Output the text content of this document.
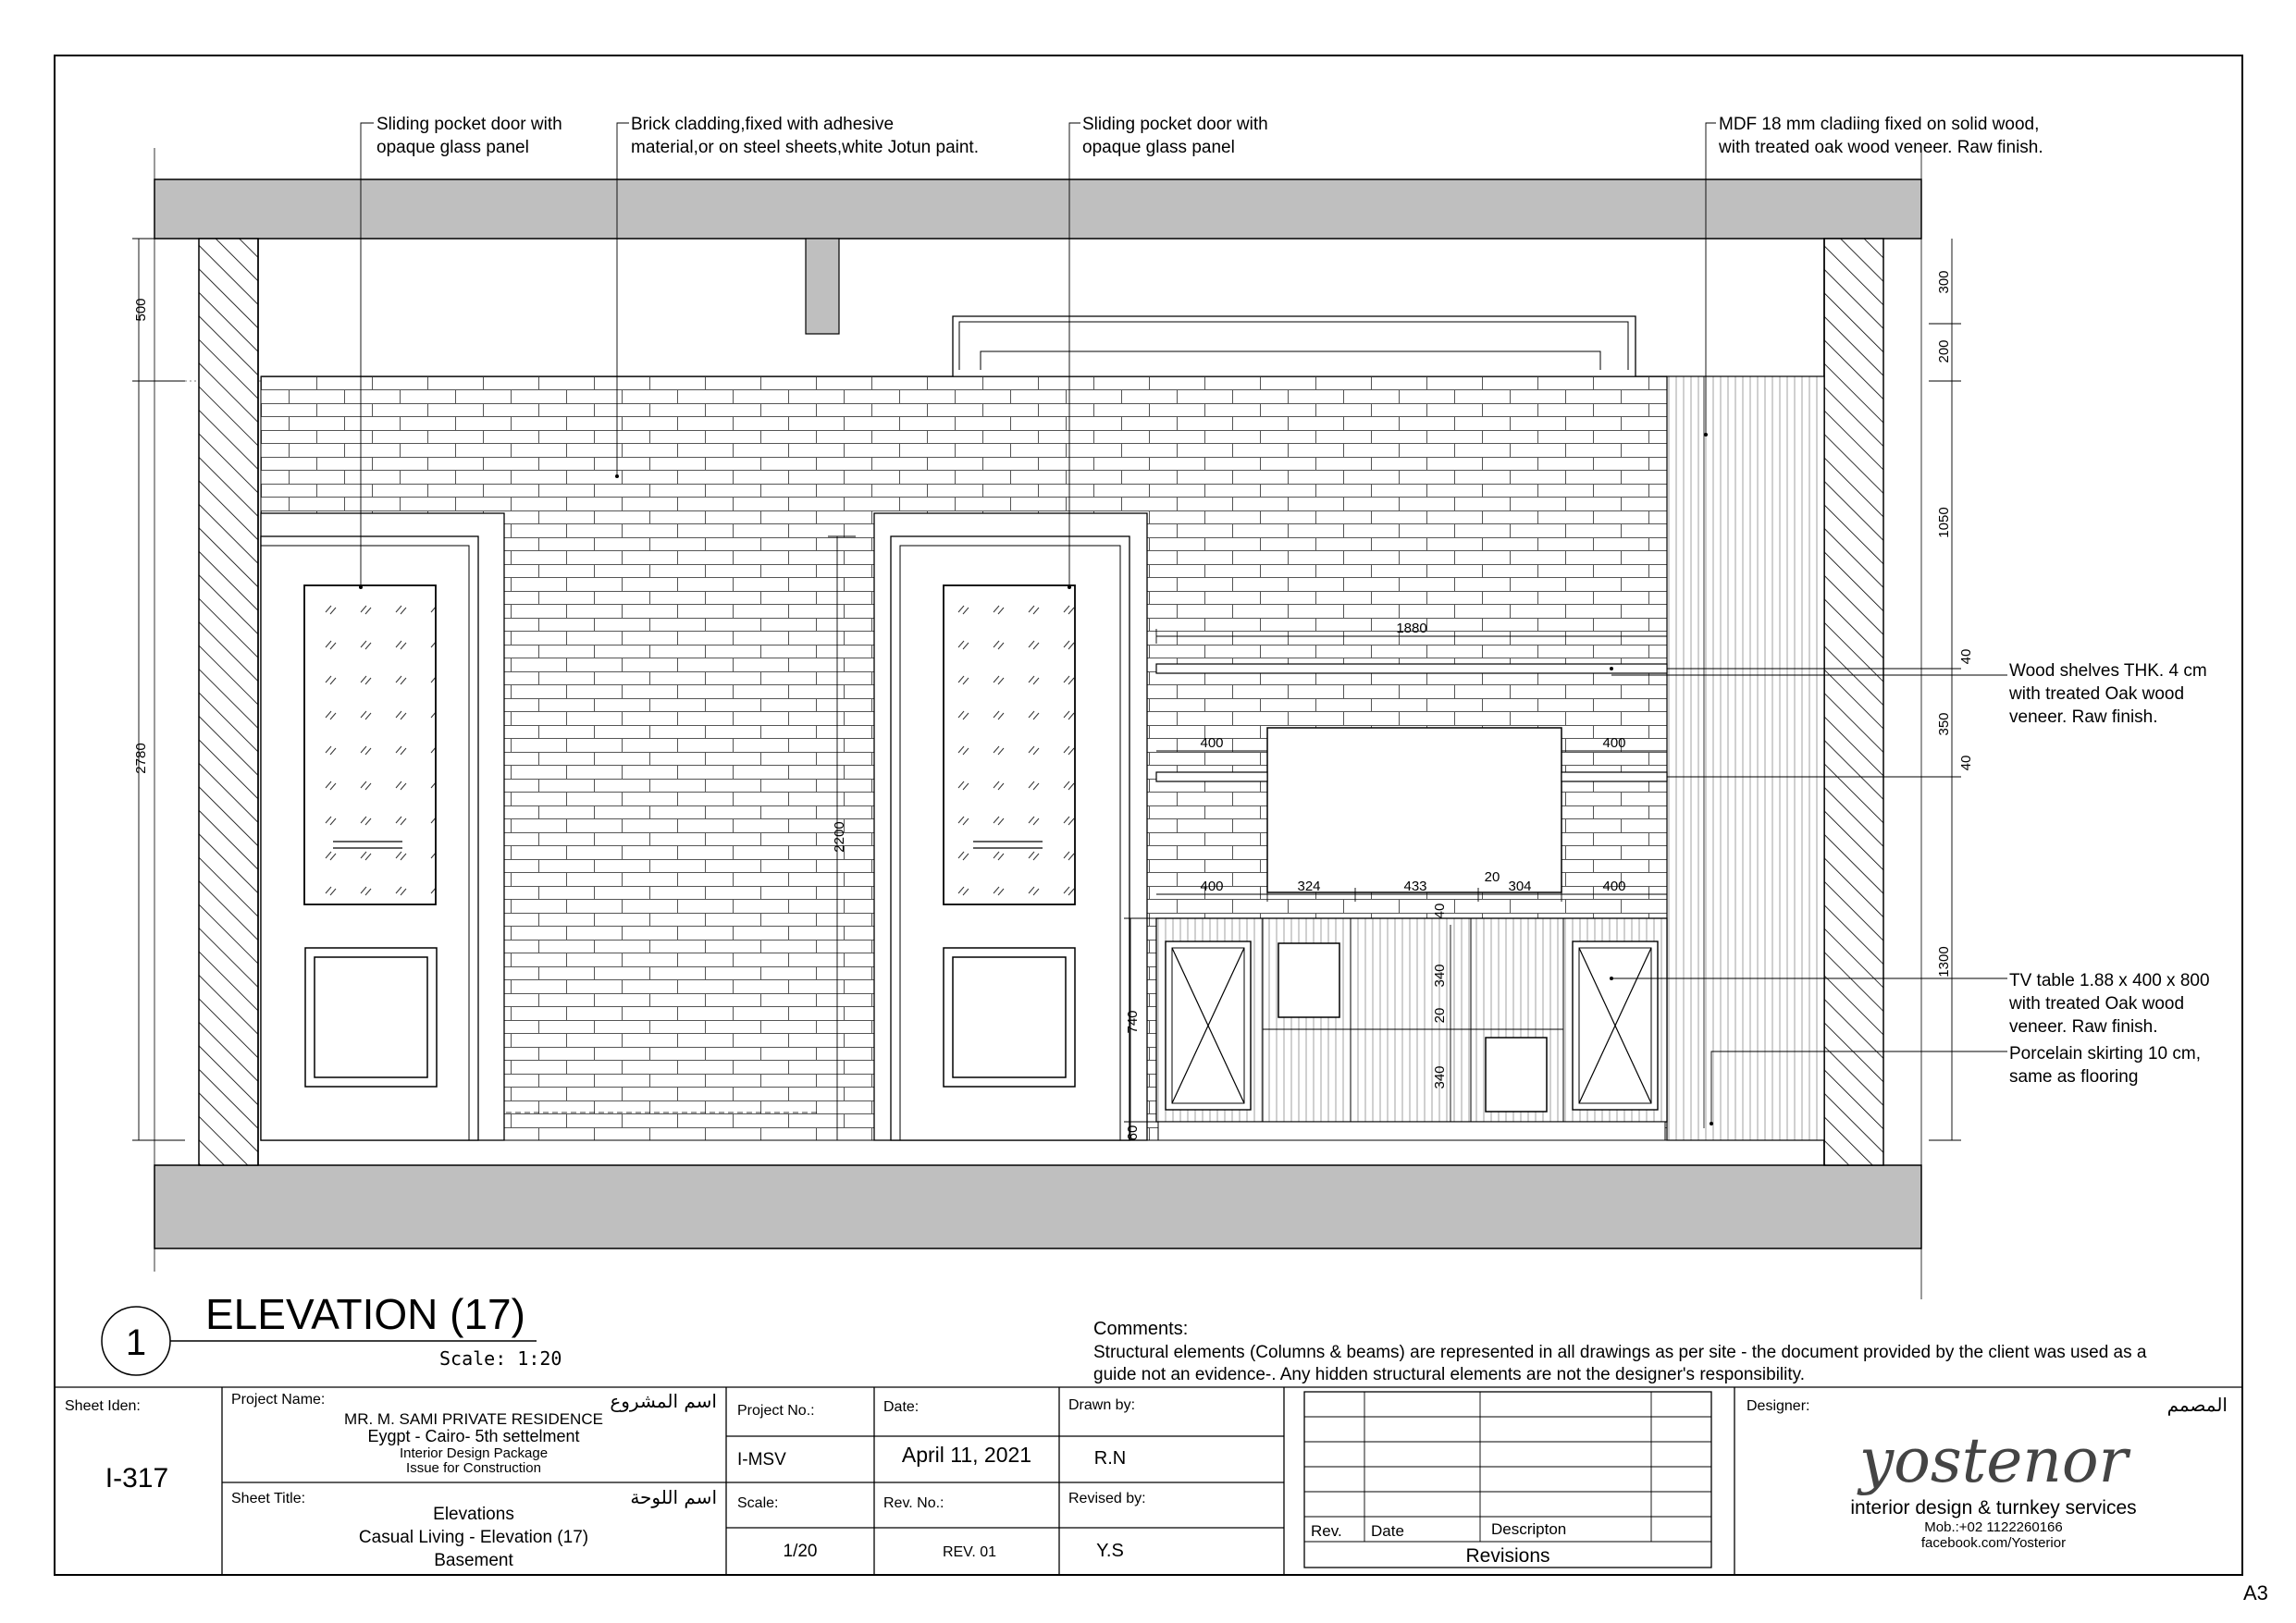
500
2780
2200
740
60
1880
400	400
400	324	433
20
304	400
40
340
20
340
300
200
1050
40
350
40
1300
Sliding pocket door with
opaque glass panel
Brick cladding,fixed with adhesive
material,or on steel sheets,white Jotun paint.
Sliding pocket door with
opaque glass panel
MDF 18 mm cladiing fixed on solid wood,
with treated oak wood veneer. Raw finish.
Wood shelves THK. 4 cm
with treated Oak wood
veneer. Raw finish.
TV table 1.88 x 400 x 800
with treated Oak wood
veneer. Raw finish.
Porcelain skirting 10 cm,
same as flooring
1
ELEVATION (17)
Scale: 1:20
Comments:
Structural elements (Columns & beams) are represented in all drawings as per site - the document provided by the client was used as a
guide not an evidence-. Any hidden structural elements are not the designer's responsibility.
Sheet Iden:
I-317
Project Name:	اسم المشروع
MR. M. SAMI PRIVATE RESIDENCE
Eygpt - Cairo- 5th settelment
Interior Design Package
Issue for Construction
Sheet Title:	اسم اللوحة
Elevations
Casual Living - Elevation (17)
Basement
Project No.:
I-MSV
Scale:
1/20
Date:
April 11, 2021
Rev. No.:
REV. 01
Drawn by:
R.N
Revised by:
Y.S
Rev. Date	Descripton
Revisions
Designer:	المصمم
yostenor
interior design & turnkey services
Mob.:+02 1122260166
facebook.com/Yosterior
A3
